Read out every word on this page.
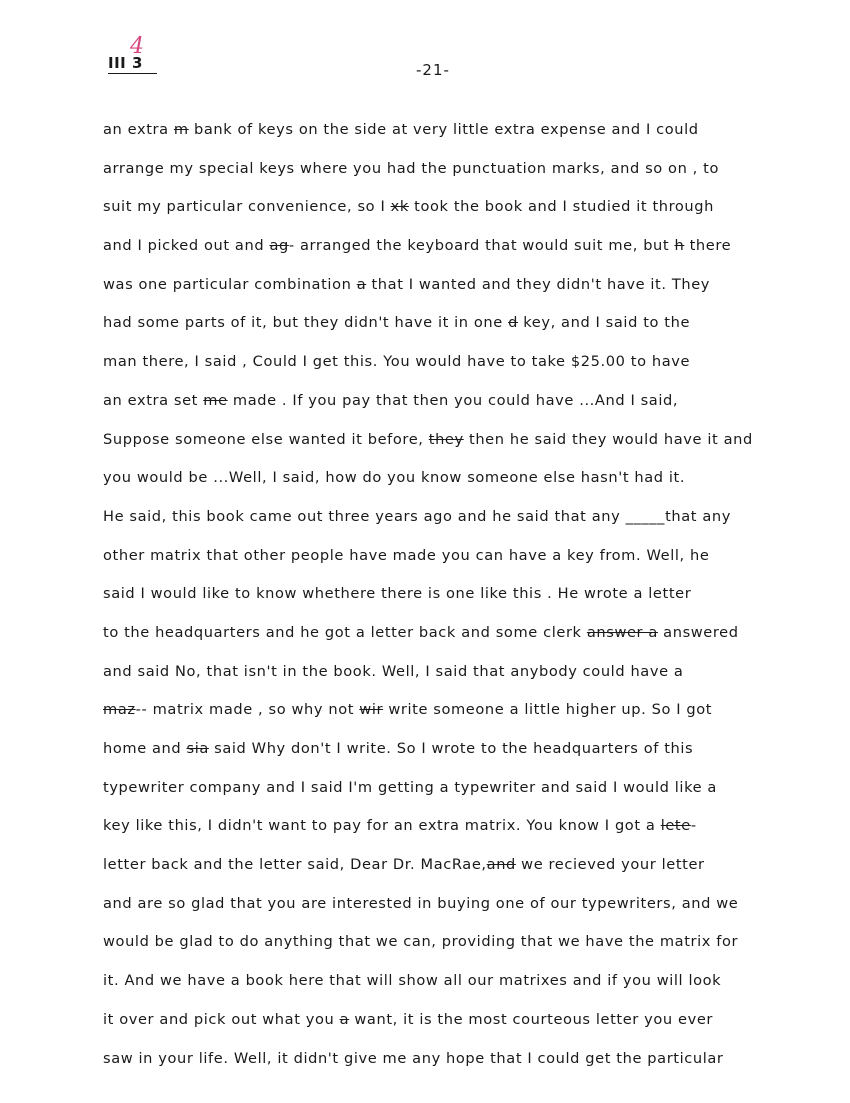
III 3
4
-21-
an extra m bank of keys on the side at very little extra expense and I could
arrange my special keys where you had the punctuation marks, and so on , to
suit my particular convenience, so I xk took the book and I studied it through
and I picked out and ag- arranged the keyboard that would suit me, but h there
was one particular combination a that I wanted and they didn't have it. They
had some parts of it, but they didn't have it in one d key, and I said to the
man there, I said , Could I get this. You would have to take $25.00 to have
an extra set me made . If you pay that then you could have ...And I said,
Suppose someone else wanted it before, they then he said they would have it and
you would be ...Well, I said, how do you know someone else hasn't had it.
He said, this book came out three years ago and he said that any _____that any
other matrix that other people have made you can have a key from. Well, he
said I would like to know whethere there is one like this . He wrote a letter
to the headquarters and he got a letter back and some clerk answer a answered
and said No, that isn't in the book. Well, I said that anybody could have a
maz-- matrix made , so why not wir write someone a little higher up. So I got
home and sia said Why don't I write. So I wrote to the headquarters of this
typewriter company and I said I'm getting a typewriter and said I would like a
key like this, I didn't want to pay for an extra matrix. You know I got a lete-
letter back and the letter said, Dear Dr. MacRae,and we recieved your letter
and are so glad that you are interested in buying one of our typewriters, and we
would be glad to do anything that we can, providing that we have the matrix for
it. And we have a book here that will show all our matrixes and if you will look
it over and pick out what you a want, it is the most courteous letter you ever
saw in your life. Well, it didn't give me any hope that I could get the particular
